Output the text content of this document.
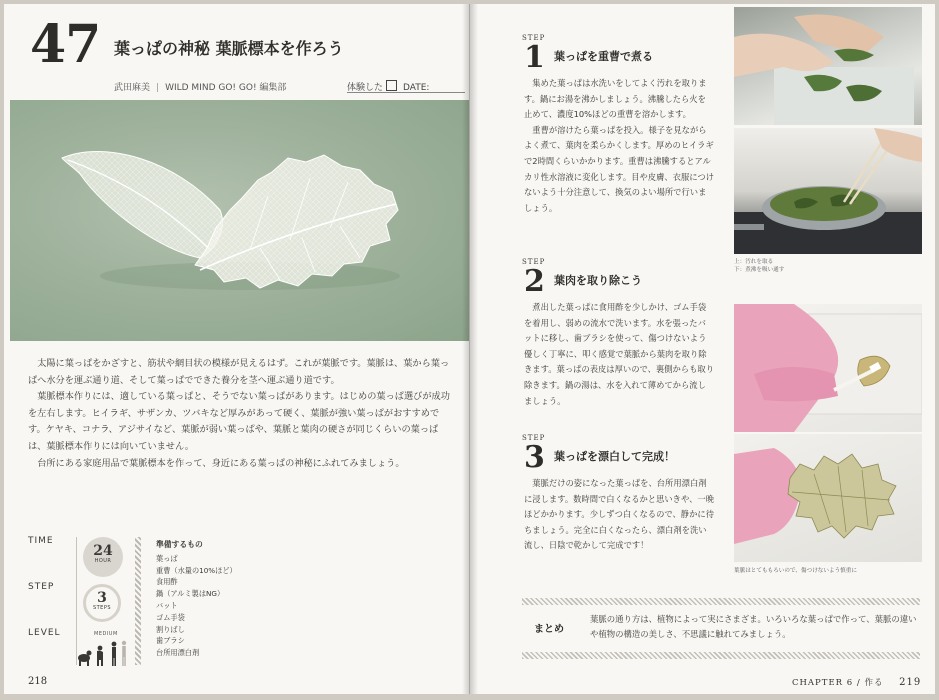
47 葉っぱの神秘 葉脈標本を作ろう
武田麻美 | WILD MIND GO! GO! 編集部	体験した DATE:

太陽に葉っぱをかざすと、筋状や網目状の模様が見えるはず。これが葉脈です。葉脈は、葉から葉っぱへ水分を運ぶ通り道、そして葉っぱでできた養分を茎へ運ぶ通り道です。

葉脈標本作りには、適している葉っぱと、そうでない葉っぱがあります。はじめの葉っぱ選びが成功を左右します。ヒイラギ、サザンカ、ツバキなど厚みがあって硬く、葉脈が強い葉っぱがおすすめです。ケヤキ、コナラ、アジサイなど、葉脈が弱い葉っぱや、葉脈と葉肉の硬さが同じくらいの葉っぱは、葉脈標本作りには向いていません。

台所にある家庭用品で葉脈標本を作って、身近にある葉っぱの神秘にふれてみましょう。

TIME
STEP
LEVEL
24
HOUR
3
STEPS
MEDIUM
準備するもの
葉っぱ
重曹（水量の10%ほど）
食用酢
鍋（アルミ製はNG）
バット
ゴム手袋
割りばし
歯ブラシ
台所用漂白剤
218
STEP
1 葉っぱを重曹で煮る

集めた葉っぱは水洗いをしてよく汚れを取ります。鍋にお湯を沸かしましょう。沸騰したら火を止めて、濃度10%ほどの重曹を溶かします。

重曹が溶けたら葉っぱを投入。様子を見ながらよく煮て、葉肉を柔らかくします。厚めのヒイラギで2時間くらいかかります。重曹は沸騰するとアルカリ性水溶液に変化します。目や皮膚、衣服につけないよう十分注意して、換気のよい場所で行いましょう。

STEP
2 葉肉を取り除こう

煮出した葉っぱに食用酢を少しかけ、ゴム手袋を着用し、弱めの流水で洗います。水を張ったバットに移し、歯ブラシを使って、傷つけないよう優しく丁寧に、叩く感覚で葉脈から葉肉を取り除きます。葉っぱの表皮は厚いので、裏側からも取り除きます。鍋の湯は、水を入れて薄めてから流しましょう。

STEP
3 葉っぱを漂白して完成！

葉脈だけの姿になった葉っぱを、台所用漂白剤に浸します。数時間で白くなるかと思いきや、一晩ほどかかります。少しずつ白くなるので、静かに待ちましょう。完全に白くなったら、漂白剤を洗い流し、日陰で乾かして完成です！

上：汚れを取る
下：煮沸を吸い通す
葉脈はとてももろいので、傷つけないよう慎重に
まとめ
葉脈の通り方は、植物によって実にさまざま。いろいろな葉っぱで作って、葉脈の違いや植物の構造の美しさ、不思議に触れてみましょう。
CHAPTER 6 / 作る 219
